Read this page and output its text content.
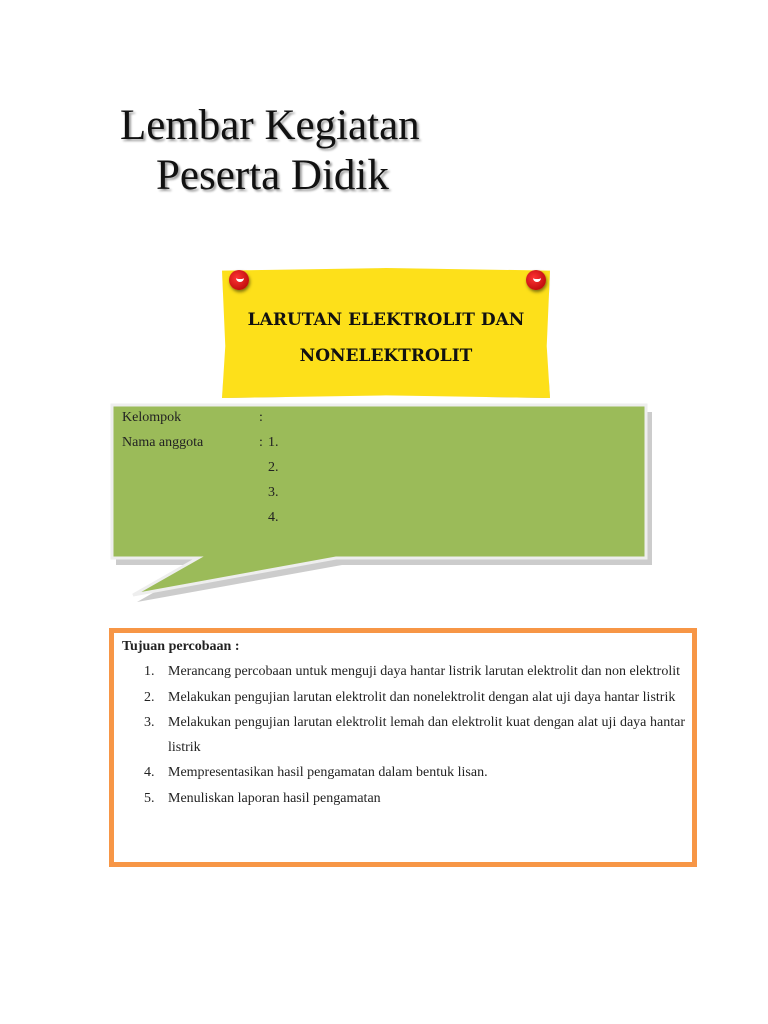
Lembar Kegiatan
Peserta Didik
LARUTAN ELEKTROLIT DAN
NONELEKTROLIT
Kelompok	:
Nama anggota	: 1.
2.
3.
4.
Tujuan percobaan :
1. Merancang percobaan untuk menguji daya hantar listrik larutan elektrolit dan non elektrolit
2. Melakukan pengujian larutan elektrolit dan nonelektrolit dengan alat uji daya hantar listrik
3. Melakukan pengujian larutan elektrolit lemah dan elektrolit kuat dengan alat uji daya hantar listrik
4. Mempresentasikan hasil pengamatan dalam bentuk lisan.
5. Menuliskan laporan hasil pengamatan
